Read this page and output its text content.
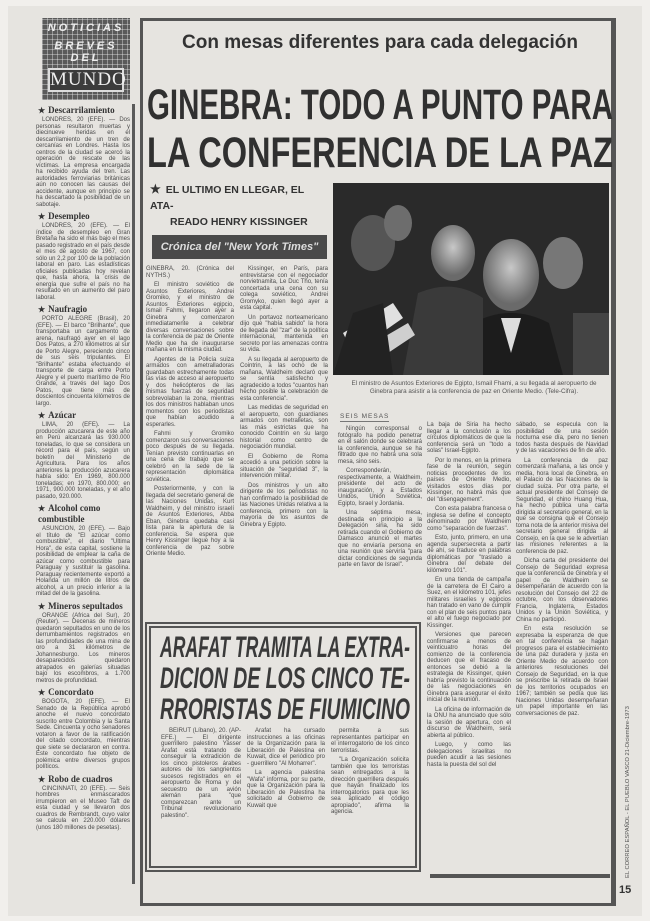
NOTICIAS
BREVES DEL
MUNDO
★ Descarrilamiento
LONDRES, 20 (EFE). — Dos personas resultaron muertas y diecinueve heridas en el descarrilamiento de un tren de cercanías en Londres. Hasta los centros de la ciudad se acercó la operación de rescate de las víctimas. La empresa encargada ha recibido ayuda del tren. Las autoridades ferroviarias británicas aún no conocen las causas del accidente, aunque en principio se ha descartado la posibilidad de un sabotaje.
★ Desempleo
LONDRES, 20 (EFE). — El índice de desempleo en Gran Bretaña ha sido el más bajo el mes pasado registrado en el país desde el mes de agosto de 1967, con sólo un 2,2 por 100 de la población laboral en paro. Las estadísticas oficiales publicadas hoy revelan que, hasta ahora, la crisis de energía que sufre el país no ha resultado en un aumento del paro laboral.
★ Naufragio
PORTO ALEGRE (Brasil), 20 (EFE). — El barco "Brilhante", que transportaba un cargamento de arena, naufragó ayer en el lago Dos Patos, a 270 kilómetros al sur de Porto Alegre, pereciendo cinco de sus seis tripulantes. El "Brilhante" estaba efectuando el transporte de carga entre Porto Alegre y el puerto marítimo de Río Grande, a través del lago Dos Patos, que tiene más de doscientos cincuenta kilómetros de largo.
★ Azúcar
LIMA, 20 (EFE). — La producción azucarera de este año en Perú alcanzará las 930.000 toneladas, lo que se considera un récord para el país, según un boletín del Ministerio de Agricultura. Para los años anteriores la producción azucarera había sido: En 1969, 800.000 toneladas; en 1970, 800.000; en 1971, 900.000 toneladas, y el año pasado, 920.000.
★ Alcohol como combustible
ASUNCION, 20 (EFE). — Bajo el título de "El azúcar como combustible", el diario "Ultima Hora", de esta capital, sostiene la posibilidad de emplear la caña de azúcar como combustible para Paraguay y sustituir la gasolina. Paraguay recientemente exportó a Holanda un millón de litros de alcohol, a un precio inferior a la mitad del de la gasolina.
★ Mineros sepultados
ORANGE (Africa del Sur), 20 (Reuter). — Decenas de mineros quedaron sepultados en uno de los derrumbamientos registrados en las profundidades de una mina de oro a 31 kilómetros de Johannesburgo. Los mineros desaparecidos quedaron atrapados en galerías situadas bajo los escombros, a 1.700 metros de profundidad.
★ Concordato
BOGOTA, 20 (EFE). — El Senado de la República aprobó anoche el nuevo concordato suscrito entre Colombia y la Santa Sede. Cincuenta y ocho senadores votaron a favor de la ratificación del citado concordato, mientras que siete se declararon en contra. Este concordato fue objeto de polémica entre diversos grupos políticos.
★ Robo de cuadros
CINCINNATI, 20 (EFE). — Seis hombres enmascarados irrumpieron en el Museo Taft de esta ciudad y se llevaron dos cuadros de Rembrandt, cuyo valor se calcula en 220.000 dólares (unos 180 millones de pesetas).
Con mesas diferentes para cada delegación
GINEBRA: TODO A PUNTO PARA
LA CONFERENCIA DE LA PAZ
★ EL ULTIMO EN LLEGAR, EL ATA-
READO HENRY KISSINGER
Crónica del "New York Times"
El ministro de Asuntos Exteriores de Egipto, Ismail Fhami, a su llegada al aeropuerto de Ginebra para asistir a la conferencia de paz en Oriente Medio. (Tele-Cifra).

GINEBRA, 20. (Crónica del NYTHS.)

El ministro soviético de Asuntos Exteriores, Andrei Gromiko, y el ministro de Asuntos Exteriores egipcio, Ismail Fahmi, llegaron ayer a Ginebra y comenzaron inmediatamente a celebrar diversas conversaciones sobre la conferencia de paz de Oriente Medio que ha de inaugurarse mañana en la misma ciudad.

Agentes de la Policía suiza armados con ametralladoras guardaban estrechamente todas las vías de acceso al aeropuerto y dos helicópteros de las mismas fuerzas de seguridad sobrevolaban la zona, mientras los dos ministros hablaban unos momentos con los periodistas que habían acudido a esperarles.

Fahmi y Gromiko comenzaron sus conversaciones poco después de su llegada. Tenían previsto continuarlas en una cena de trabajo que se celebró en la sede de la representación diplomática soviética.

Posteriormente, y con la llegada del secretario general de las Naciones Unidas, Kurt Waldheim, y del ministro israelí de Asuntos Exteriores, Abba Eban, Ginebra quedaba casi lista para la apertura de la conferencia. Se espera que Henry Kissinger llegue hoy a la conferencia de paz sobre Oriente Medio.

Kissinger, en París, para entrevistarse con el negociador norvietnamita, Le Duc Tho, tenía concertada una cena con su colega soviético, Andrei Gromyko, quien llegó ayer a esta capital.

Un portavoz norteamericano dijo que "había sabido" la hora de llegada del "zar" de la política internacional, mantenida en secreto por las amenazas contra su vida.

A su llegada al aeropuerto de Cointrin, a las ocho de la mañana, Waldheim declaró que se sentía satisfecho y agradecido a todos "cuantos han hecho posible la celebración de esta conferencia".

Las medidas de seguridad en el aeropuerto, con guardianes armados con metralletas, son las más estrictas que ha conocido Cointrin en su largo historial como centro de negociación mundial.

El Gobierno de Roma accedió a una petición sobre la situación de "seguridad 3", la intervención militar.

Dos ministros y un alto dirigente de los periodistas no han confirmado la posibilidad de las Naciones Unidas relativa a la conferencia, primero con la mayoría de los asuntos de Ginebra y Egipto.

SEIS MESAS

Ningún corresponsal o fotógrafo ha podido penetrar en el salón donde se celebrará la conferencia, aunque se ha filtrado que no habrá una sola mesa, sino seis.

Corresponderán, respectivamente, a Waldheim, presidente del acto de inauguración, y a Estados Unidos, Unión Soviética, Egipto, Israel y Jordania.

Una séptima mesa, destinada en principio a la Delegación siria, ha sido retirada cuando el Gobierno de Damasco anunció el martes que no enviaría persona en una reunión que serviría "para dictar condiciones de segunda parte en favor de Israel".

La baja de Siria ha hecho llegar a la conclusión a los círculos diplomáticos de que la conferencia será un "todo a solas" Israel-Egipto.

Por lo menos, en la primera fase de la reunión, según noticias procedentes de los países de Oriente Medio, visitados estos días por Kissinger, no habrá más que del "disengagement".

Con esta palabra francesa o inglesa se define el concepto denominado por Waldheim como "separación de fuerzas".

Esto, junto, primero, en una agenda supersecreta a partir de ahí, se traduce en palabras diplomáticas por "traslado a Ginebra del debate del kilómetro 101".

En una tienda de campaña de la carretera de El Cairo a Suez, en el kilómetro 101, jefes militares israelíes y egipcios han tratado en vano de cumplir con el plan de seis puntos para el alto el fuego negociado por Kissinger.

Versiones que parecen confirmarse a menos de veinticuatro horas del comienzo de la conferencia deducen que el fracaso de entonces se debió a la estrategia de Kissinger, quien habría previsto la continuación de las negociaciones en Ginebra para asegurar el éxito inicial de la reunión.

La oficina de información de la ONU ha anunciado que sólo la sesión de apertura, con el discurso de Waldheim, será abierta al público.

Luego, y como las delegaciones israelitas no pueden acudir a las sesiones hasta la puesta del sol del

sábado, se especula con la posibilidad de una sesión nocturna ese día, pero no tienen todos hasta después de Navidad y de las vacaciones de fin de año.

La conferencia de paz comenzará mañana, a las once y media, hora local de Ginebra, en el Palacio de las Naciones de la ciudad suiza. Por otra parte, el actual presidente del Consejo de Seguridad, el chino Huang Hua, ha hecho pública una carta dirigida al secretario general, en la que se consigna que el Consejo toma nota de la anterior misiva del secretario general dirigida al Consejo, en la que se le advertían las misiones referentes a la conferencia de paz.

Dicha carta del presidente del Consejo de Seguridad expresa que la conferencia de Ginebra y el papel de Waldheim se desempeñarán de acuerdo con la resolución del Consejo del 22 de octubre, con los observadores Francia, Inglaterra, Estados Unidos y la Unión Soviética, y China no participó.

En esta resolución se expresaba la esperanza de que en tal conferencia se hagan progresos para el establecimiento de una paz duradera y justa en Oriente Medio de acuerdo con anteriores resoluciones del Consejo de Seguridad, en la que se prescribe la retirada de Israel de los territorios ocupados en 1967; también se pedía que las Naciones Unidas desempeñaran un papel importante en las conversaciones de paz.

ARAFAT TRAMITA LA EXTRA-
DICION DE LOS CINCO TE-
RRORISTAS DE FIUMICINO

BEIRUT (Líbano), 20. (AP-EFE.) — El dirigente guerrillero palestino Yasser Arafat está tratando de conseguir la extradición de los cinco pistoleros árabes autores de los sangrientos sucesos registrados en el aeropuerto de Roma y del secuestro de un avión alemán para "que comparezcan ante un Tribunal revolucionario palestino".

Arafat ha cursado instrucciones a las oficinas de la Organización para la Liberación de Palestina en Kuwait, dice el periódico pro - guerrillero "Al Moharrer".

La agencia palestina "Wafa" informa, por su parte, que la Organización para la Liberación de Palestina ha solicitado al Gobierno de Kuwait que

permita a sus representantes participar en el interrogatorio de los cinco terroristas.

"La Organización solicita también que los terroristas sean entregados a la dirección guerrillera después que hayan finalizado los interrogatorios para que les sea aplicado el código apropiado", afirma la agencia.	EL CORREO ESPAÑOL - EL PUEBLO VASCO 21-Diciembre-1973
15
